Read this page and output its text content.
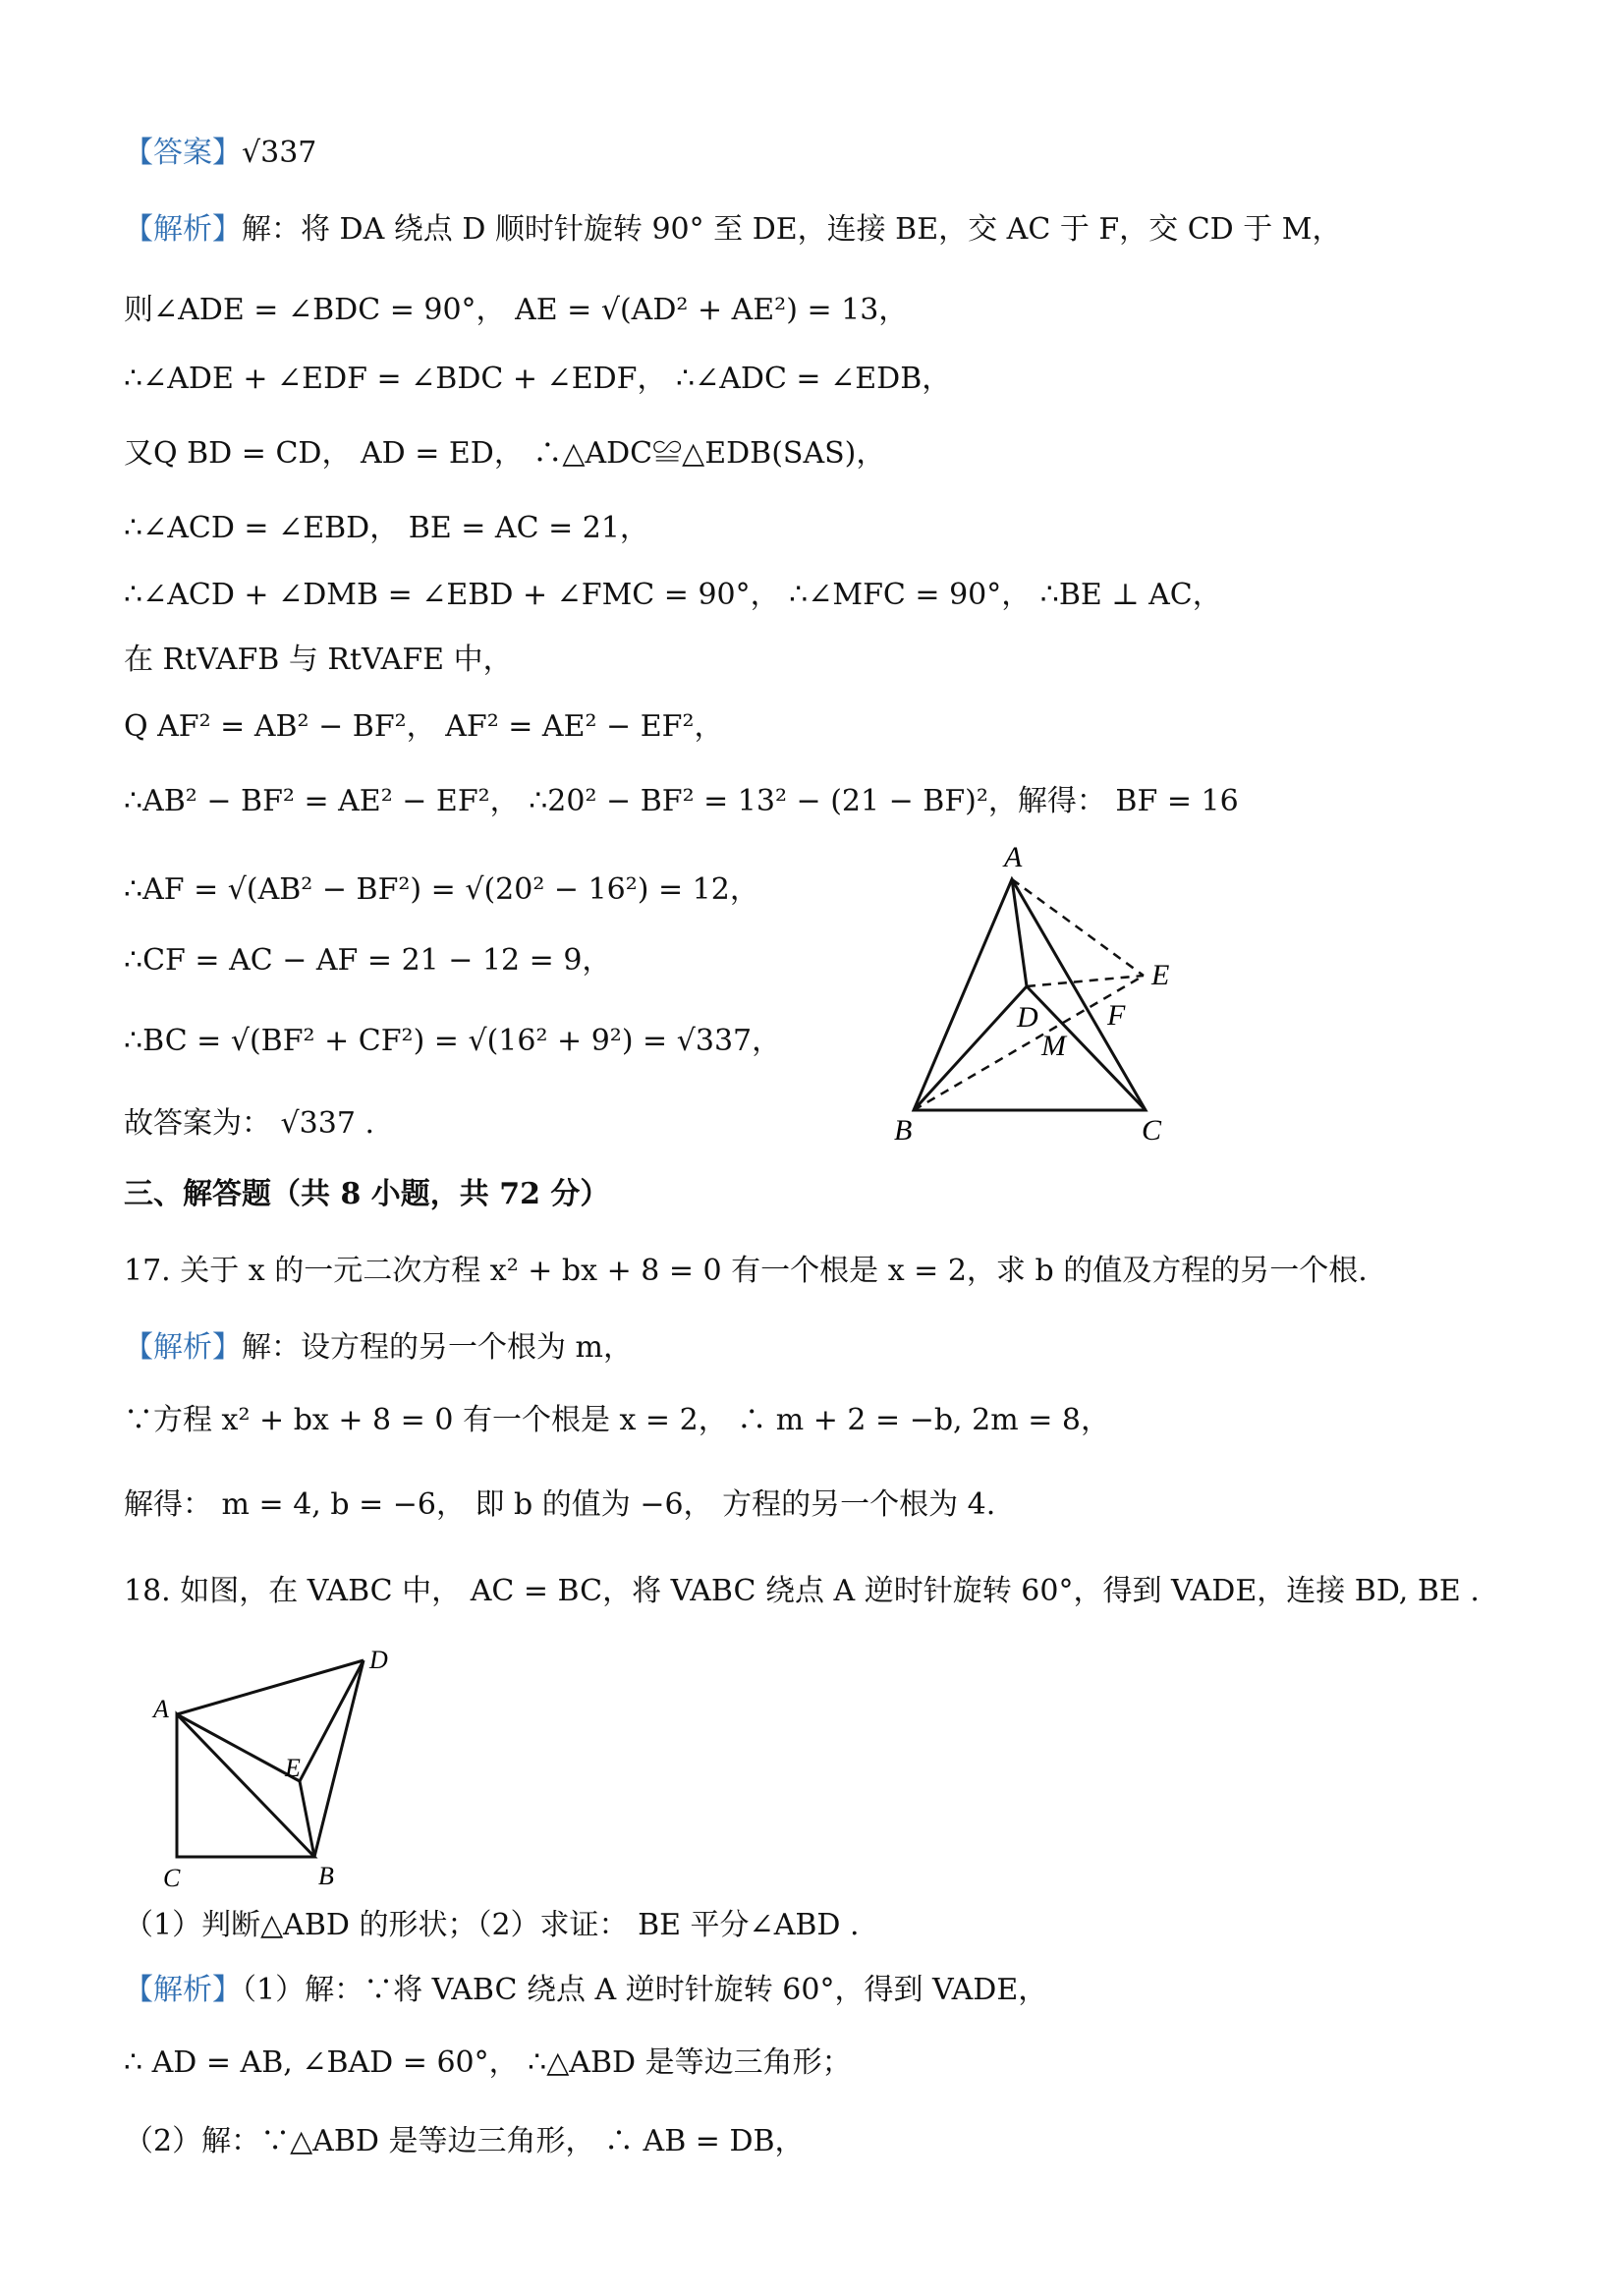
【答案】√337
【解析】解：将 DA 绕点 D 顺时针旋转 90° 至 DE，连接 BE，交 AC 于 F，交 CD 于 M，
则∠ADE = ∠BDC = 90°， AE = √(AD² + AE²) = 13，
∴∠ADE + ∠EDF = ∠BDC + ∠EDF， ∴∠ADC = ∠EDB，
又Q BD = CD， AD = ED， ∴△ADC≌△EDB(SAS)，
∴∠ACD = ∠EBD， BE = AC = 21，
∴∠ACD + ∠DMB = ∠EBD + ∠FMC = 90°， ∴∠MFC = 90°， ∴BE ⊥ AC，
在 RtVAFB 与 RtVAFE 中，
Q AF² = AB² − BF²， AF² = AE² − EF²，
∴AB² − BF² = AE² − EF²， ∴20² − BF² = 13² − (21 − BF)²，解得： BF = 16
∴AF = √(AB² − BF²) = √(20² − 16²) = 12，
∴CF = AC − AF = 21 − 12 = 9，
∴BC = √(BF² + CF²) = √(16² + 9²) = √337，
故答案为： √337 .
三、解答题（共 8 小题，共 72 分）
17. 关于 x 的一元二次方程 x² + bx + 8 = 0 有一个根是 x = 2，求 b 的值及方程的另一个根.
【解析】解：设方程的另一个根为 m，
∵方程 x² + bx + 8 = 0 有一个根是 x = 2， ∴ m + 2 = −b, 2m = 8，
解得： m = 4, b = −6， 即 b 的值为 −6， 方程的另一个根为 4.
18. 如图，在 VABC 中， AC = BC，将 VABC 绕点 A 逆时针旋转 60°，得到 VADE，连接 BD, BE .
（1）判断△ABD 的形状；（2）求证： BE 平分∠ABD .
【解析】（1）解：∵将 VABC 绕点 A 逆时针旋转 60°，得到 VADE，
∴ AD = AB, ∠BAD = 60°， ∴△ABD 是等边三角形；
（2）解：∵△ABD 是等边三角形， ∴ AB = DB，
A
B	C
D
E
F
M
A
B
C
D
E
